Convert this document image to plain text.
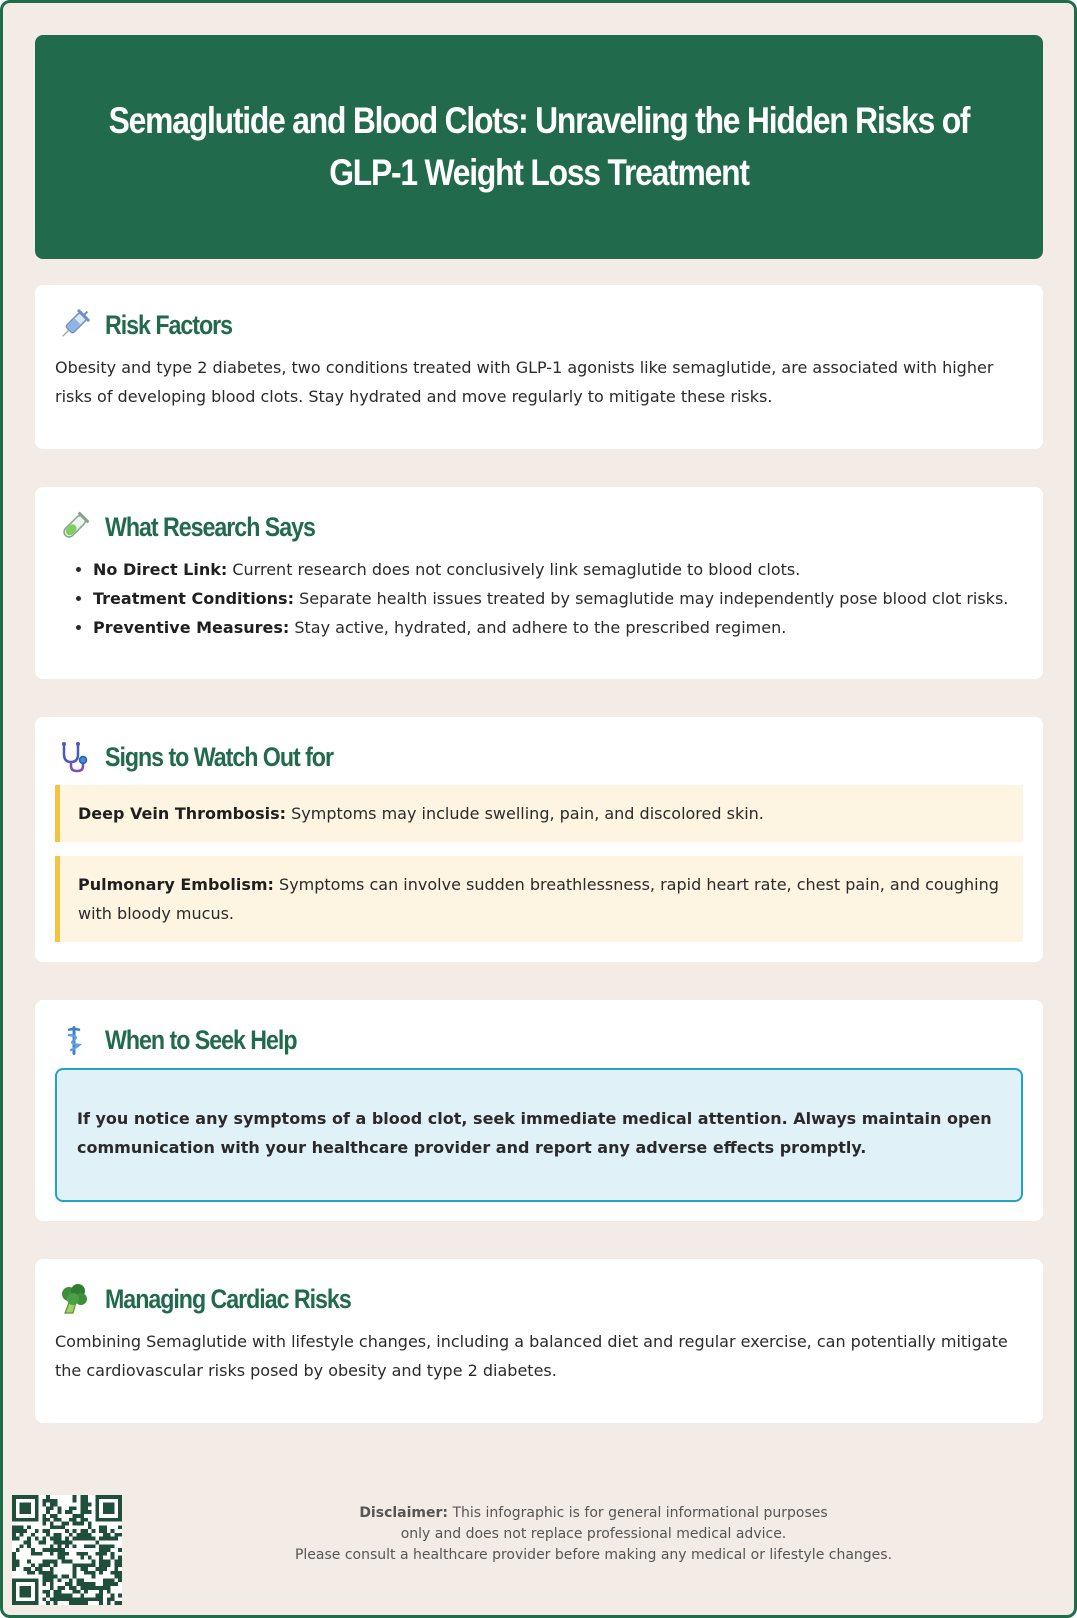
Semaglutide and Blood Clots: Unraveling the Hidden Risks of GLP-1 Weight Loss Treatment
Risk Factors
Obesity and type 2 diabetes, two conditions treated with GLP-1 agonists like semaglutide, are associated with higher risks of developing blood clots. Stay hydrated and move regularly to mitigate these risks.
What Research Says
• No Direct Link: Current research does not conclusively link semaglutide to blood clots.
• Treatment Conditions: Separate health issues treated by semaglutide may independently pose blood clot risks.
• Preventive Measures: Stay active, hydrated, and adhere to the prescribed regimen.
Signs to Watch Out for
Deep Vein Thrombosis: Symptoms may include swelling, pain, and discolored skin.
Pulmonary Embolism: Symptoms can involve sudden breathlessness, rapid heart rate, chest pain, and coughing with bloody mucus.
When to Seek Help
If you notice any symptoms of a blood clot, seek immediate medical attention. Always maintain open communication with your healthcare provider and report any adverse effects promptly.
Managing Cardiac Risks
Combining Semaglutide with lifestyle changes, including a balanced diet and regular exercise, can potentially mitigate the cardiovascular risks posed by obesity and type 2 diabetes.
Disclaimer: This infographic is for general informational purposes
only and does not replace professional medical advice.
Please consult a healthcare provider before making any medical or lifestyle changes.
